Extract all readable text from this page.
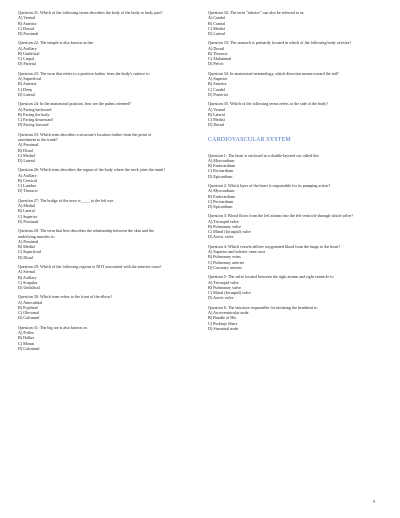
Question 21: Which of the following terms describes the body of the body or body part?
A) Ventral
B) Anterior
C) Dorsal
D) Proximal
Question 22: The temple is also known as the:
A) Axillary
B) Umbilical
C) Carpal
D) Parietal
Question 23: The term that refers to a position farther from the body's surface is:
A) Superficial
B) Anterior
C) Deep
D) Lateral
Question 24: In the anatomical position, how are the palms oriented?
A) Facing backward
B) Facing the body
C) Facing downward
D) Facing forward
Question 25: Which term describes a structure's location farther from the point of attachment to the trunk?
A) Proximal
B) Distal
C) Medial
D) Lateral
Question 26: Which term describes the region of the body where the neck joins the trunk?
A) Axillary
B) Cervical
C) Lumbar
D) Thoracic
Question 27: The bridge of the nose is ____ to the left eye.
A) Medial
B) Lateral
C) Superior
D) Proximal
Question 28: The term that best describes the relationship between the skin and the underlying muscles is:
A) Proximal
B) Medial
C) Superficial
D) Distal
Question 29: Which of the following regions is NOT associated with the anterior torso?
A) Sternal
B) Axillary
C) Scapular
D) Umbilical
Question 30: Which term refers to the front of the elbow?
A) Antecubital
B) Popliteal
C) Olecranal
D) Calcaneal
Question 31: The big toe is also known as:
A) Pollex
B) Hallux
C) Manus
D) Calcaneal
Question 32: The term "inferior" can also be referred to as:
A) Caudal
B) Cranial
C) Medial
D) Lateral
Question 33: The stomach is primarily located in which of the following body cavities?
A) Dorsal
B) Thoracic
C) Abdominal
D) Pelvic
Question 34: In anatomical terminology, which direction means toward the tail?
A) Superior
B) Anterior
C) Caudal
D) Posterior
Question 35: Which of the following terms refers to the side of the body?
A) Ventral
B) Lateral
C) Medial
D) Dorsal
CARDIOVASCULAR SYSTEM
Question 1: The heart is enclosed in a double-layered sac called the:
A) Myocardium
B) Endocardium
C) Pericardium
D) Epicardium
Question 2: Which layer of the heart is responsible for its pumping action?
A) Myocardium
B) Endocardium
C) Pericardium
D) Epicardium
Question 3: Blood flows from the left atrium into the left ventricle through which valve?
A) Tricuspid valve
B) Pulmonary valve
C) Mitral (bicuspid) valve
D) Aortic valve
Question 4: Which vessels deliver oxygenated blood from the lungs to the heart?
A) Superior and inferior vena cava
B) Pulmonary veins
C) Pulmonary arteries
D) Coronary arteries
Question 5: The valve located between the right atrium and right ventricle is:
A) Tricuspid valve
B) Pulmonary valve
C) Mitral (bicuspid) valve
D) Aortic valve
Question 6: The structure responsible for initiating the heartbeat is:
A) Atrioventricular node
B) Bundle of His
C) Purkinje fibers
D) Sinoatrial node
9
